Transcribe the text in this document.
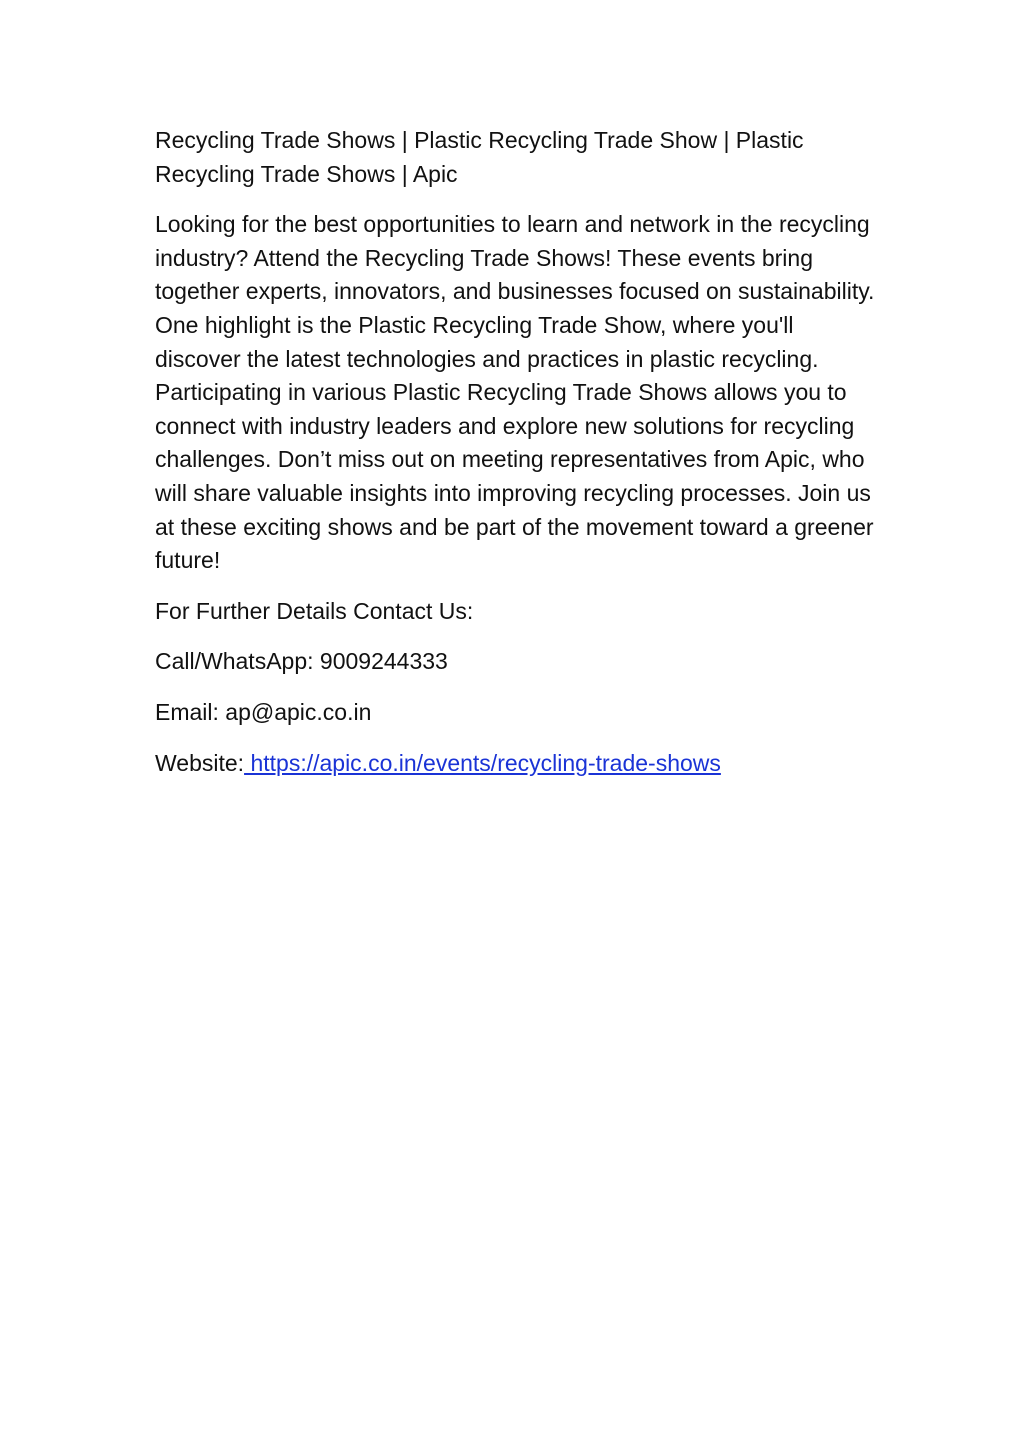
Recycling Trade Shows | Plastic Recycling Trade Show | Plastic Recycling Trade Shows | Apic

Looking for the best opportunities to learn and network in the recycling industry? Attend the Recycling Trade Shows! These events bring together experts, innovators, and businesses focused on sustainability. One highlight is the Plastic Recycling Trade Show, where you'll discover the latest technologies and practices in plastic recycling. Participating in various Plastic Recycling Trade Shows allows you to connect with industry leaders and explore new solutions for recycling challenges. Don’t miss out on meeting representatives from Apic, who will share valuable insights into improving recycling processes. Join us at these exciting shows and be part of the movement toward a greener future!

For Further Details Contact Us:

Call/WhatsApp: 9009244333

Email: ap@apic.co.in

Website: https://apic.co.in/events/recycling-trade-shows
